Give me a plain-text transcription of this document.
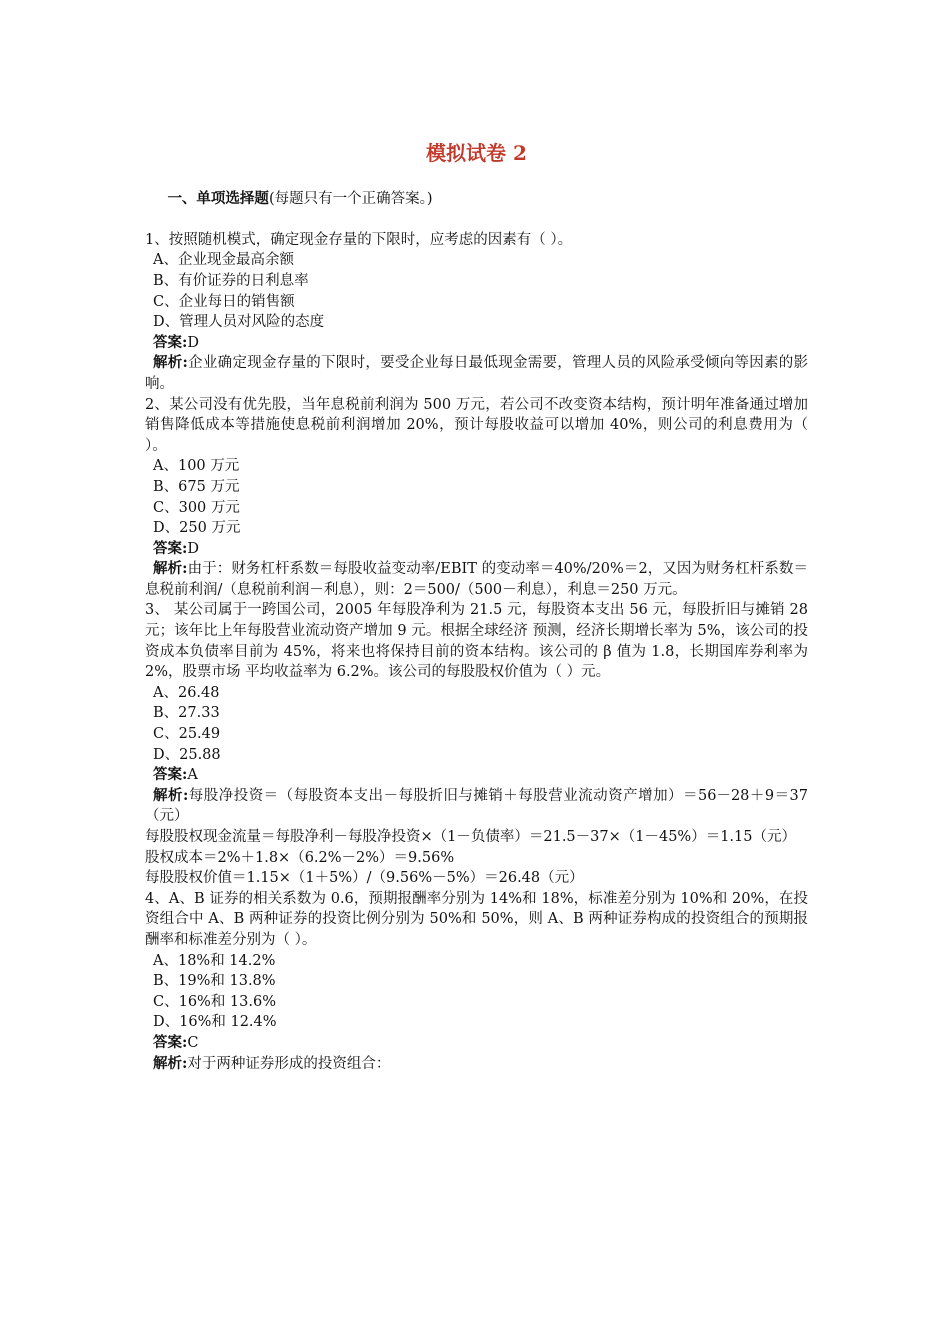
模拟试卷 2

一、单项选择题(每题只有一个正确答案。)

1、按照随机模式，确定现金存量的下限时，应考虑的因素有（ ）。
A、企业现金最高余额
B、有价证券的日利息率
C、企业每日的销售额
D、管理人员对风险的态度
答案:D
解析:企业确定现金存量的下限时，要受企业每日最低现金需要，管理人员的风险承受倾向等因素的影响。
2、某公司没有优先股，当年息税前利润为 500 万元，若公司不改变资本结构，预计明年准备通过增加销售降低成本等措施使息税前利润增加 20%，预计每股收益可以增加 40%，则公司的利息费用为（ ）。
A、100 万元
B、675 万元
C、300 万元
D、250 万元
答案:D
解析:由于：财务杠杆系数＝每股收益变动率/EBIT 的变动率＝40%/20%＝2，又因为财务杠杆系数＝息税前利润/（息税前利润－利息），则：2＝500/（500－利息），利息＝250 万元。
3、 某公司属于一跨国公司，2005 年每股净利为 21.5 元，每股资本支出 56 元，每股折旧与摊销 28 元；该年比上年每股营业流动资产增加 9 元。根据全球经济 预测，经济长期增长率为 5%，该公司的投资成本负债率目前为 45%，将来也将保持目前的资本结构。该公司的 β 值为 1.8，长期国库券利率为 2%，股票市场 平均收益率为 6.2%。该公司的每股股权价值为（ ）元。
A、26.48
B、27.33
C、25.49
D、25.88
答案:A
解析:每股净投资＝（每股资本支出－每股折旧与摊销＋每股营业流动资产增加）＝56－28＋9＝37（元）
每股股权现金流量＝每股净利－每股净投资×（1－负债率）＝21.5－37×（1－45%）＝1.15（元）
股权成本＝2%＋1.8×（6.2%－2%）＝9.56%
每股股权价值＝1.15×（1＋5%）/（9.56%－5%）＝26.48（元）
4、A、B 证券的相关系数为 0.6，预期报酬率分别为 14%和 18%，标准差分别为 10%和 20%，在投资组合中 A、B 两种证券的投资比例分别为 50%和 50%，则 A、B 两种证券构成的投资组合的预期报酬率和标准差分别为（ ）。
A、18%和 14.2%
B、19%和 13.8%
C、16%和 13.6%
D、16%和 12.4%
答案:C
解析:对于两种证券形成的投资组合：
